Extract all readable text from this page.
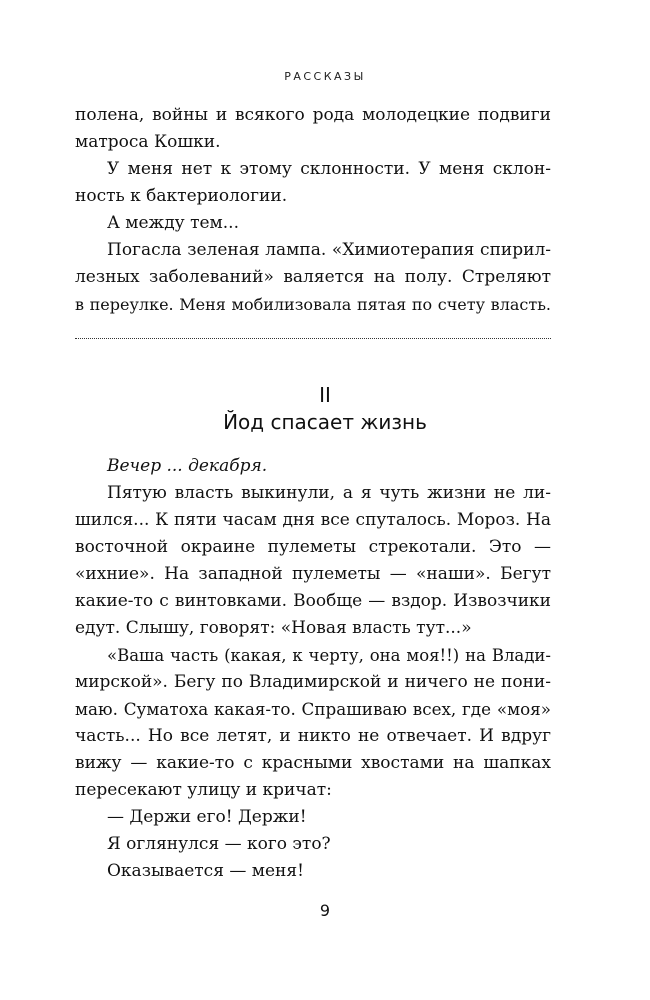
РАССКАЗЫ
полена, войны и всякого рода молодецкие подвиги
матроса Кошки.
У меня нет к этому склонности. У меня склон-
ность к бактериологии.
А между тем...
Погасла зеленая лампа. «Химиотерапия спирил-
лезных заболеваний» валяется на полу. Стреляют
в переулке. Меня мобилизовала пятая по счету власть.
II
Йод спасает жизнь
Вечер ... декабря.
Пятую власть выкинули, а я чуть жизни не ли-
шился... К пяти часам дня все спуталось. Мороз. На
восточной окраине пулеметы стрекотали. Это —
«ихние». На западной пулеметы — «наши». Бегут
какие-то с винтовками. Вообще — вздор. Извозчики
едут. Слышу, говорят: «Новая власть тут...»
«Ваша часть (какая, к черту, она моя!!) на Влади-
мирской». Бегу по Владимирской и ничего не пони-
маю. Суматоха какая-то. Спрашиваю всех, где «моя»
часть... Но все летят, и никто не отвечает. И вдруг
вижу — какие-то с красными хвостами на шапках
пересекают улицу и кричат:
— Держи его! Держи!
Я оглянулся — кого это?
Оказывается — меня!
9
